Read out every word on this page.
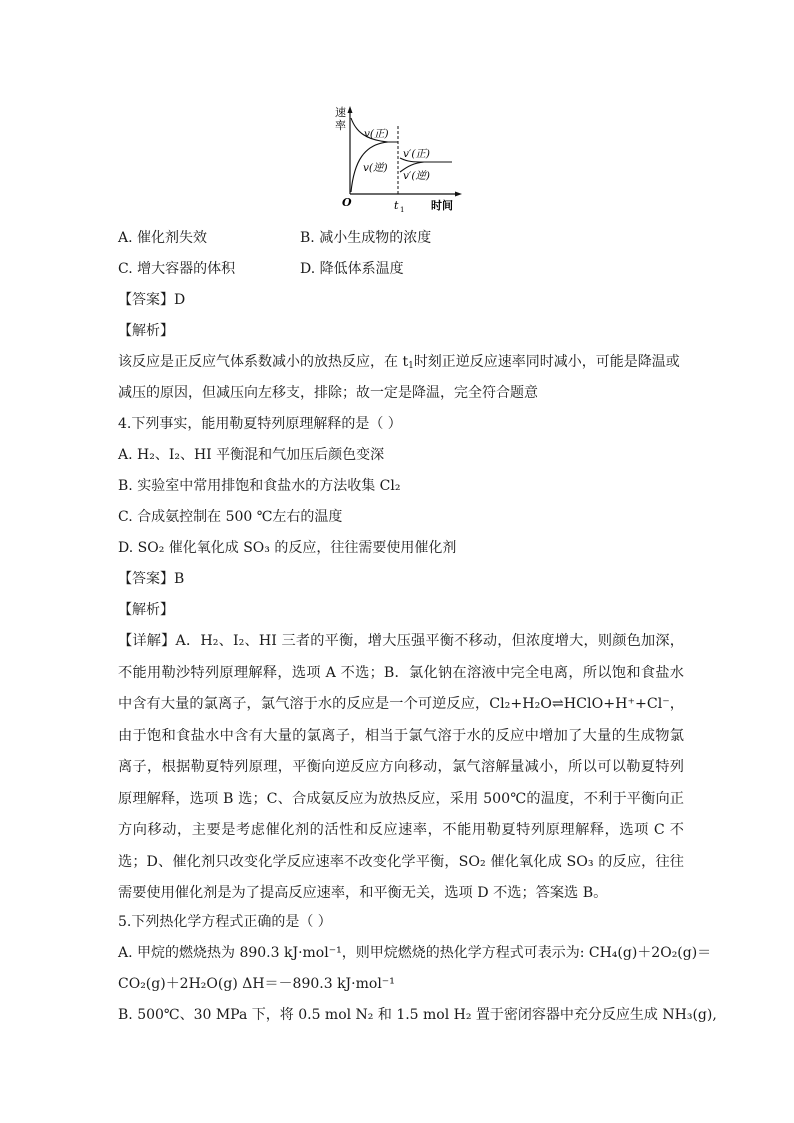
速
率
v(正)
v(逆)
v′(正)
v′(逆)
O	t 1 时间
A. 催化剂失效	B. 减小生成物的浓度
C. 增大容器的体积	D. 降低体系温度
【答案】D
【解析】
该反应是正反应气体系数减小的放热反应，在 $t_1$时刻正逆反应速率同时减小，可能是降温或
减压的原因，但减压向左移支，排除；故一定是降温，完全符合题意
4.下列事实，能用勒夏特列原理解释的是（ ）
A. H₂、I₂、HI 平衡混和气加压后颜色变深
B. 实验室中常用排饱和食盐水的方法收集 Cl₂
C. 合成氨控制在 500 ℃左右的温度
D. SO₂ 催化氧化成 SO₃ 的反应，往往需要使用催化剂
【答案】B
【解析】
【详解】A．H₂、I₂、HI 三者的平衡，增大压强平衡不移动，但浓度增大，则颜色加深，不能用勒沙特列原理解释，选项 A 不选；B．氯化钠在溶液中完全电离，所以饱和食盐水中含有大量的氯离子，氯气溶于水的反应是一个可逆反应，Cl₂+H₂O⇌HClO+H⁺+Cl⁻，由于饱和食盐水中含有大量的氯离子，相当于氯气溶于水的反应中增加了大量的生成物氯离子，根据勒夏特列原理，平衡向逆反应方向移动，氯气溶解量减小，所以可以勒夏特列原理解释，选项 B 选；C、合成氨反应为放热反应，采用 500℃的温度，不利于平衡向正方向移动，主要是考虑催化剂的活性和反应速率，不能用勒夏特列原理解释，选项 C 不选；D、催化剂只改变化学反应速率不改变化学平衡，SO₂ 催化氧化成 SO₃ 的反应，往往需要使用催化剂是为了提高反应速率，和平衡无关，选项 D 不选；答案选 B。
5.下列热化学方程式正确的是（ ）
A. 甲烷的燃烧热为 890.3 kJ·mol⁻¹，则甲烷燃烧的热化学方程式可表示为: CH₄(g)＋2O₂(g)＝
CO₂(g)＋2H₂O(g) ΔH＝－890.3 kJ·mol⁻¹
B. 500℃、30 MPa 下，将 0.5 mol N₂ 和 1.5 mol H₂ 置于密闭容器中充分反应生成 NH₃(g),
